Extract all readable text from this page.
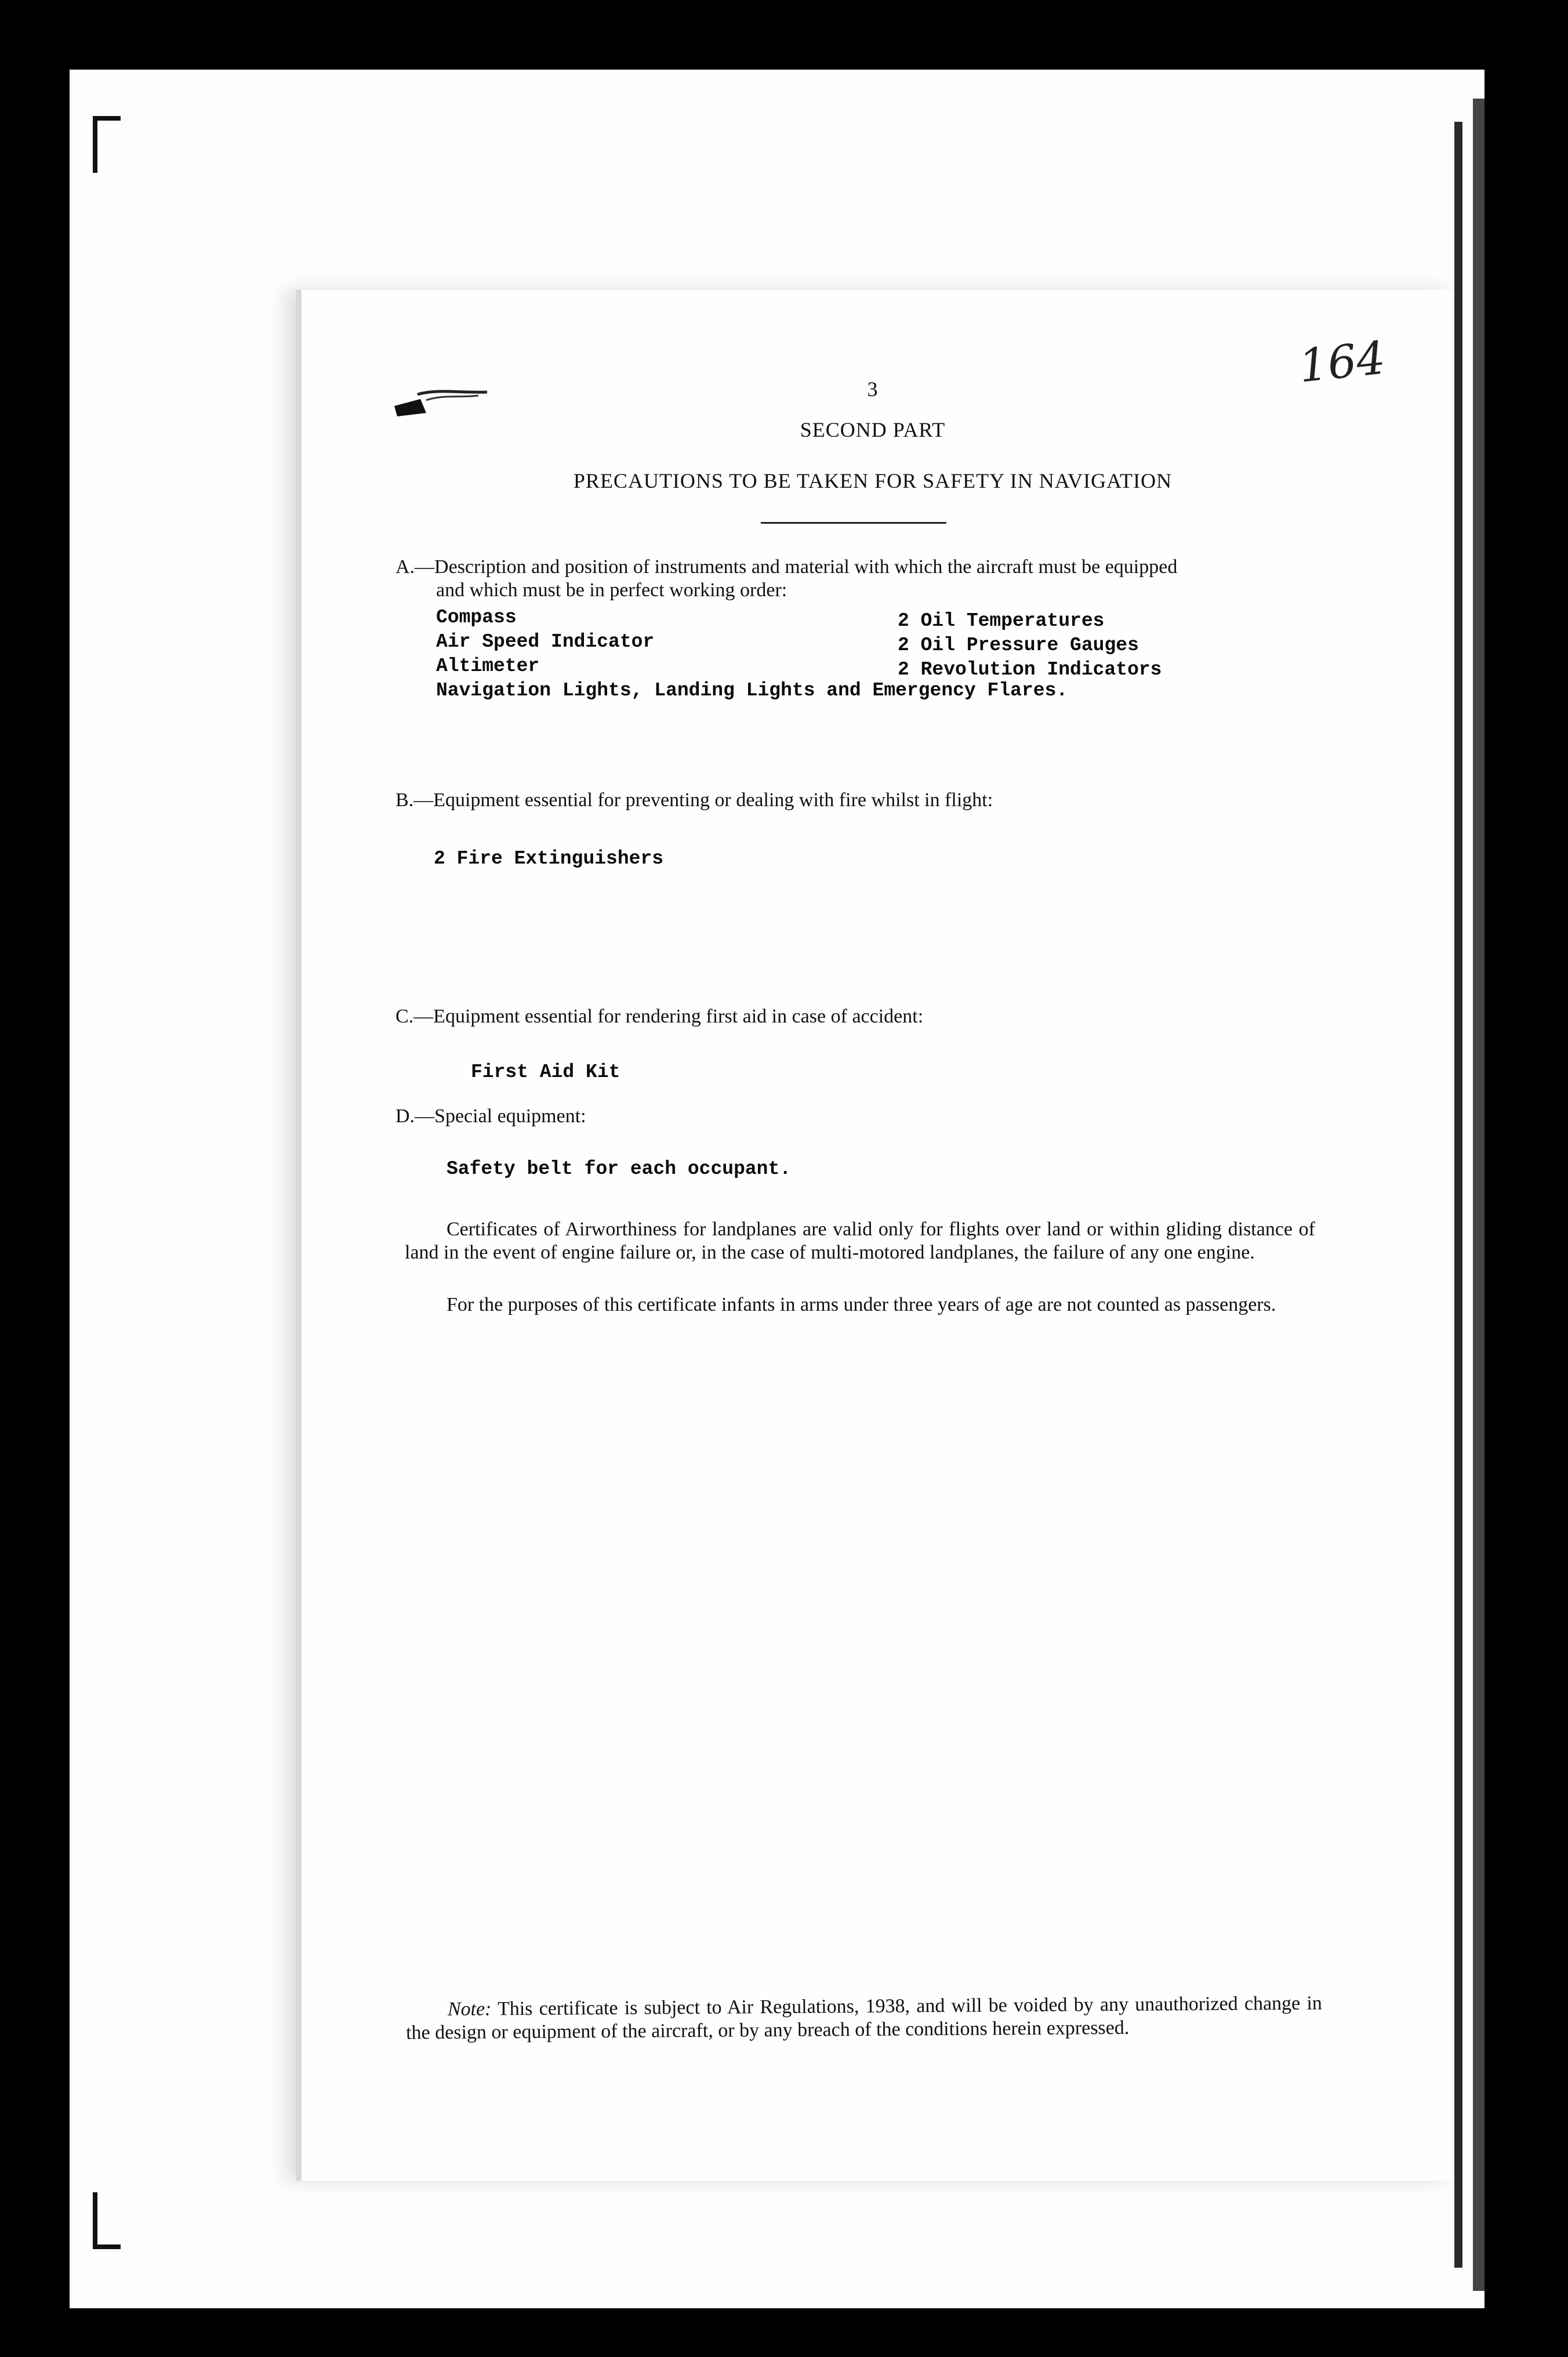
164
3
SECOND PART
PRECAUTIONS TO BE TAKEN FOR SAFETY IN NAVIGATION
A.—Description and position of instruments and material with which the aircraft must be equipped
and which must be in perfect working order:
Compass
Air Speed Indicator
Altimeter
2 Oil Temperatures
2 Oil Pressure Gauges
2 Revolution Indicators
Navigation Lights, Landing Lights and Emergency Flares.
B.—Equipment essential for preventing or dealing with fire whilst in flight:
2 Fire Extinguishers
C.—Equipment essential for rendering first aid in case of accident:
First Aid Kit
D.—Special equipment:
Safety belt for each occupant.
Certificates of Airworthiness for landplanes are valid only for flights over land or within gliding distance of land in the event of engine failure or, in the case of multi-motored landplanes, the failure of any one engine.
For the purposes of this certificate infants in arms under three years of age are not counted as passengers.
Note: This certificate is subject to Air Regulations, 1938, and will be voided by any unauthorized change in the design or equipment of the aircraft, or by any breach of the conditions herein expressed.
